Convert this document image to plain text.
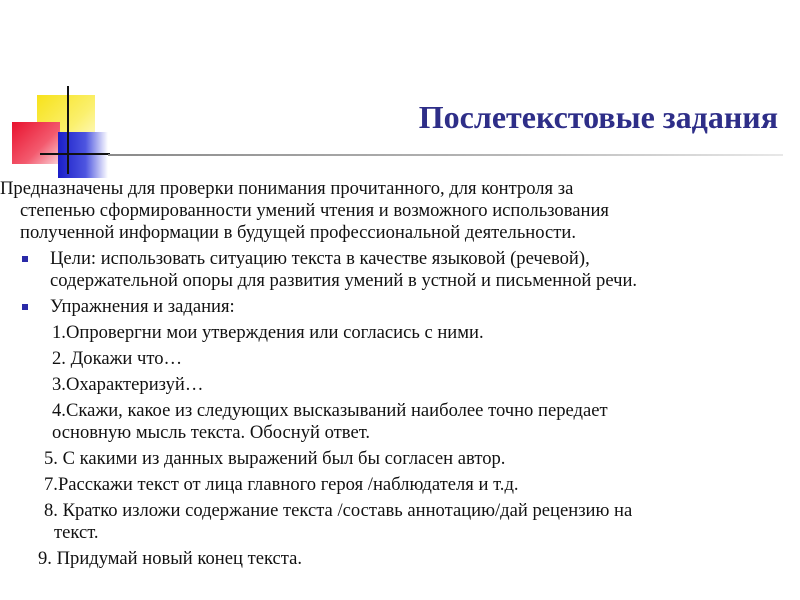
Послетекстовые задания
Предназначены для проверки понимания прочитанного, для контроля за
степенью сформированности умений чтения и возможного использования
полученной информации в будущей профессиональной деятельности.
Цели: использовать ситуацию текста в качестве языковой (речевой),
содержательной опоры для развития умений в устной и письменной речи.
Упражнения и задания:
1.Опровергни мои утверждения или согласись с ними.
2. Докажи что…
3.Охарактеризуй…
4.Скажи, какое из следующих высказываний наиболее точно передает
основную мысль текста. Обоснуй ответ.
5. С какими из данных выражений был бы согласен автор.
7.Расскажи текст от лица главного героя /наблюдателя и т.д.
8. Кратко изложи содержание текста /составь аннотацию/дай рецензию на
текст.
9. Придумай новый конец текста.
